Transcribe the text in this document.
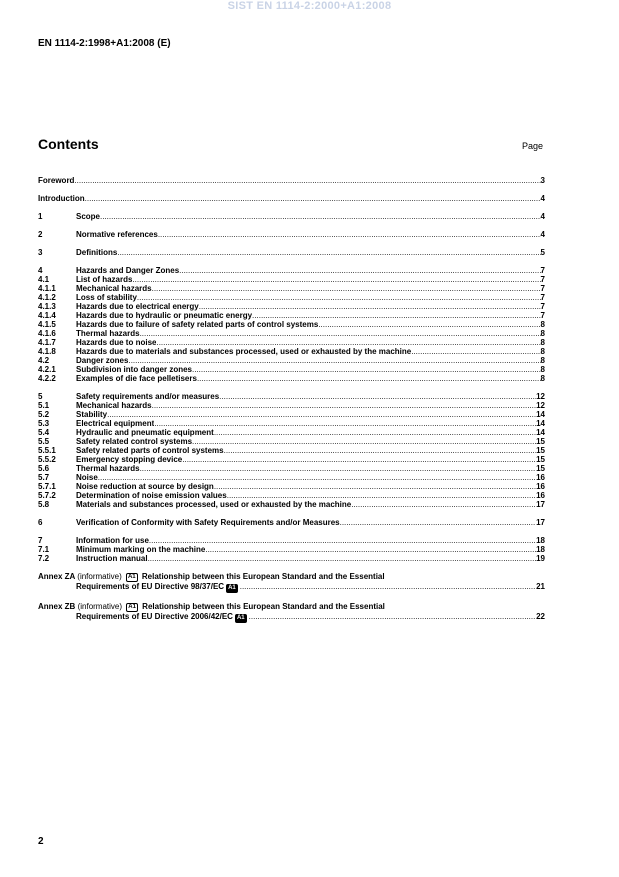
SIST EN 1114-2:2000+A1:2008
EN 1114-2:1998+A1:2008 (E)
Contents	Page
Foreword .....	3
Introduction .....	4
1	Scope .....	4
2	Normative references .....	4
3	Definitions .....	5
4	Hazards and Danger Zones .....	7
4.1	List of hazards .....	7
4.1.1	Mechanical hazards .....	7
4.1.2	Loss of stability .....	7
4.1.3	Hazards due to electrical energy .....	7
4.1.4	Hazards due to hydraulic or pneumatic energy .....	7
4.1.5	Hazards due to failure of safety related parts of control systems .....	8
4.1.6	Thermal hazards .....	8
4.1.7	Hazards due to noise .....	8
4.1.8	Hazards due to materials and substances processed, used or exhausted by the machine .....	8
4.2	Danger zones .....	8
4.2.1	Subdivision into danger zones .....	8
4.2.2	Examples of die face pelletisers .....	8
5	Safety requirements and/or measures .....	12
5.1	Mechanical hazards .....	12
5.2	Stability .....	14
5.3	Electrical equipment .....	14
5.4	Hydraulic and pneumatic equipment .....	14
5.5	Safety related control systems .....	15
5.5.1	Safety related parts of control systems .....	15
5.5.2	Emergency stopping device .....	15
5.6	Thermal hazards .....	15
5.7	Noise .....	16
5.7.1	Noise reduction at source by design .....	16
5.7.2	Determination of noise emission values .....	16
5.8	Materials and substances processed, used or exhausted by the machine .....	17
6	Verification of Conformity with Safety Requirements and/or Measures .....	17
7	Information for use .....	18
7.1	Minimum marking on the machine .....	18
7.2	Instruction manual .....	19
Annex ZA (informative) A1 Relationship between this European Standard and the Essential
Requirements of EU Directive 98/37/EC A1 .....	21
Annex ZB (informative) A1 Relationship between this European Standard and the Essential
Requirements of EU Directive 2006/42/EC A1 .....	22
2
